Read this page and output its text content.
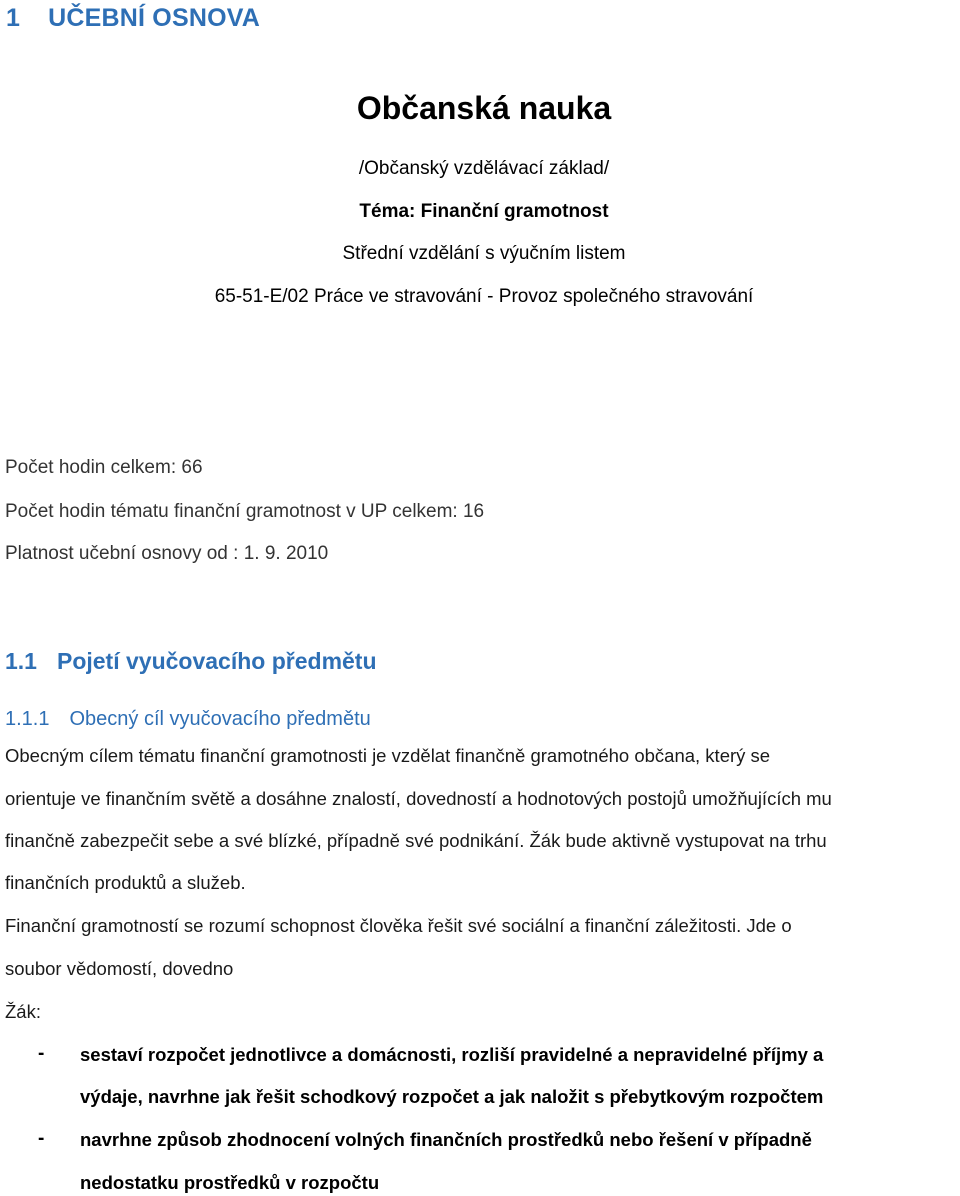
1 UČEBNÍ OSNOVA
Občanská nauka
/Občanský vzdělávací základ/
Téma: Finanční gramotnost
Střední vzdělání s výučním listem
65-51-E/02 Práce ve stravování - Provoz společného stravování
Počet hodin celkem: 66
Počet hodin tématu finanční gramotnost v UP celkem: 16
Platnost učební osnovy od : 1. 9. 2010
1.1 Pojetí vyučovacího předmětu
1.1.1 Obecný cíl vyučovacího předmětu
Obecným cílem tématu finanční gramotnosti je vzdělat finančně gramotného občana, který se
orientuje ve finančním světě a dosáhne znalostí, dovedností a hodnotových postojů umožňujících mu
finančně zabezpečit sebe a své blízké, případně své podnikání. Žák bude aktivně vystupovat na trhu
finančních produktů a služeb.
Finanční gramotností se rozumí schopnost člověka řešit své sociální a finanční záležitosti. Jde o
soubor vědomostí, dovedno
Žák:
- sestaví rozpočet jednotlivce a domácnosti, rozliší pravidelné a nepravidelné příjmy a
výdaje, navrhne jak řešit schodkový rozpočet a jak naložit s přebytkovým rozpočtem
- navrhne způsob zhodnocení volných finančních prostředků nebo řešení v případně
nedostatku prostředků v rozpočtu
